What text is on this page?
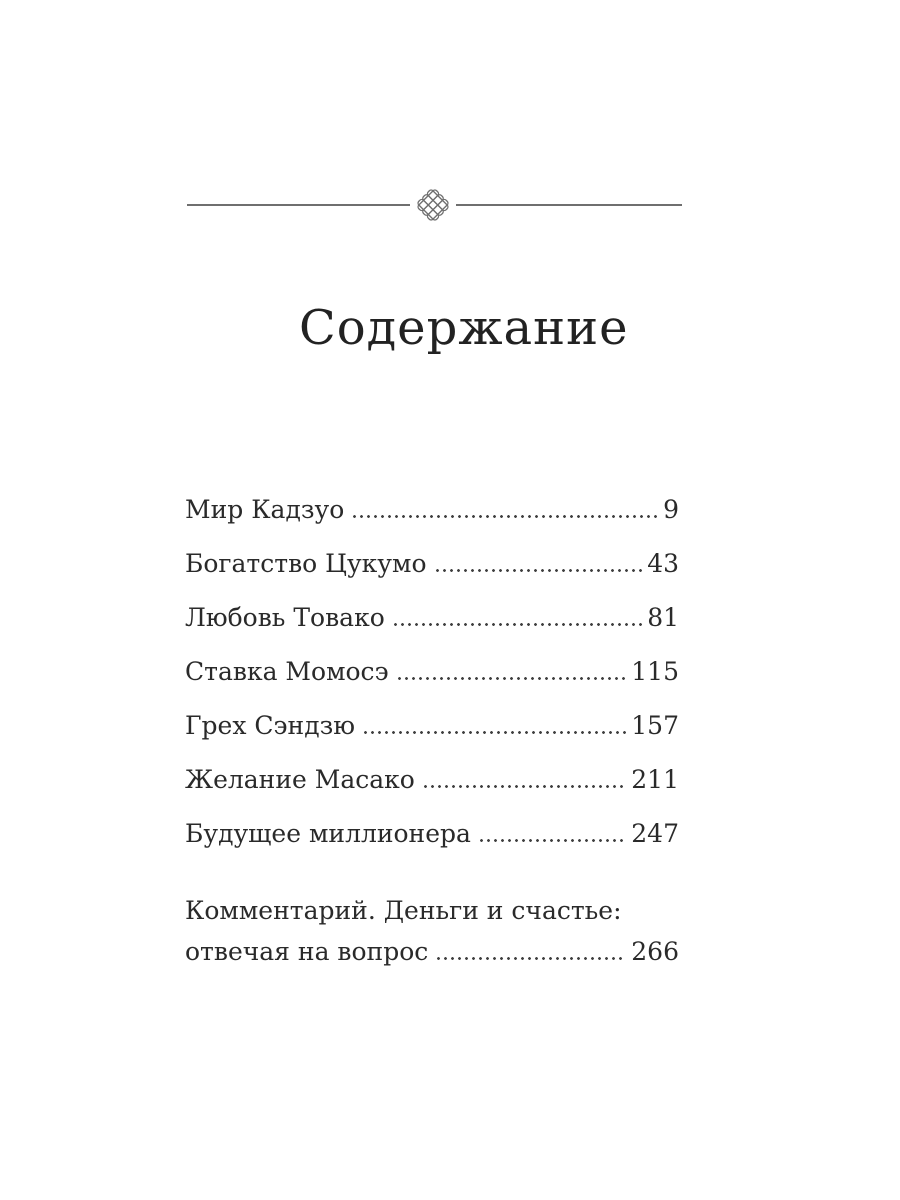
Содержание
Мир Кадзуо	9
Богатство Цукумо	43
Любовь Товако	81
Ставка Момосэ	115
Грех Сэндзю	157
Желание Масако	211
Будущее миллионера	247
Комментарий. Деньги и счастье:
отвечая на вопрос	266
